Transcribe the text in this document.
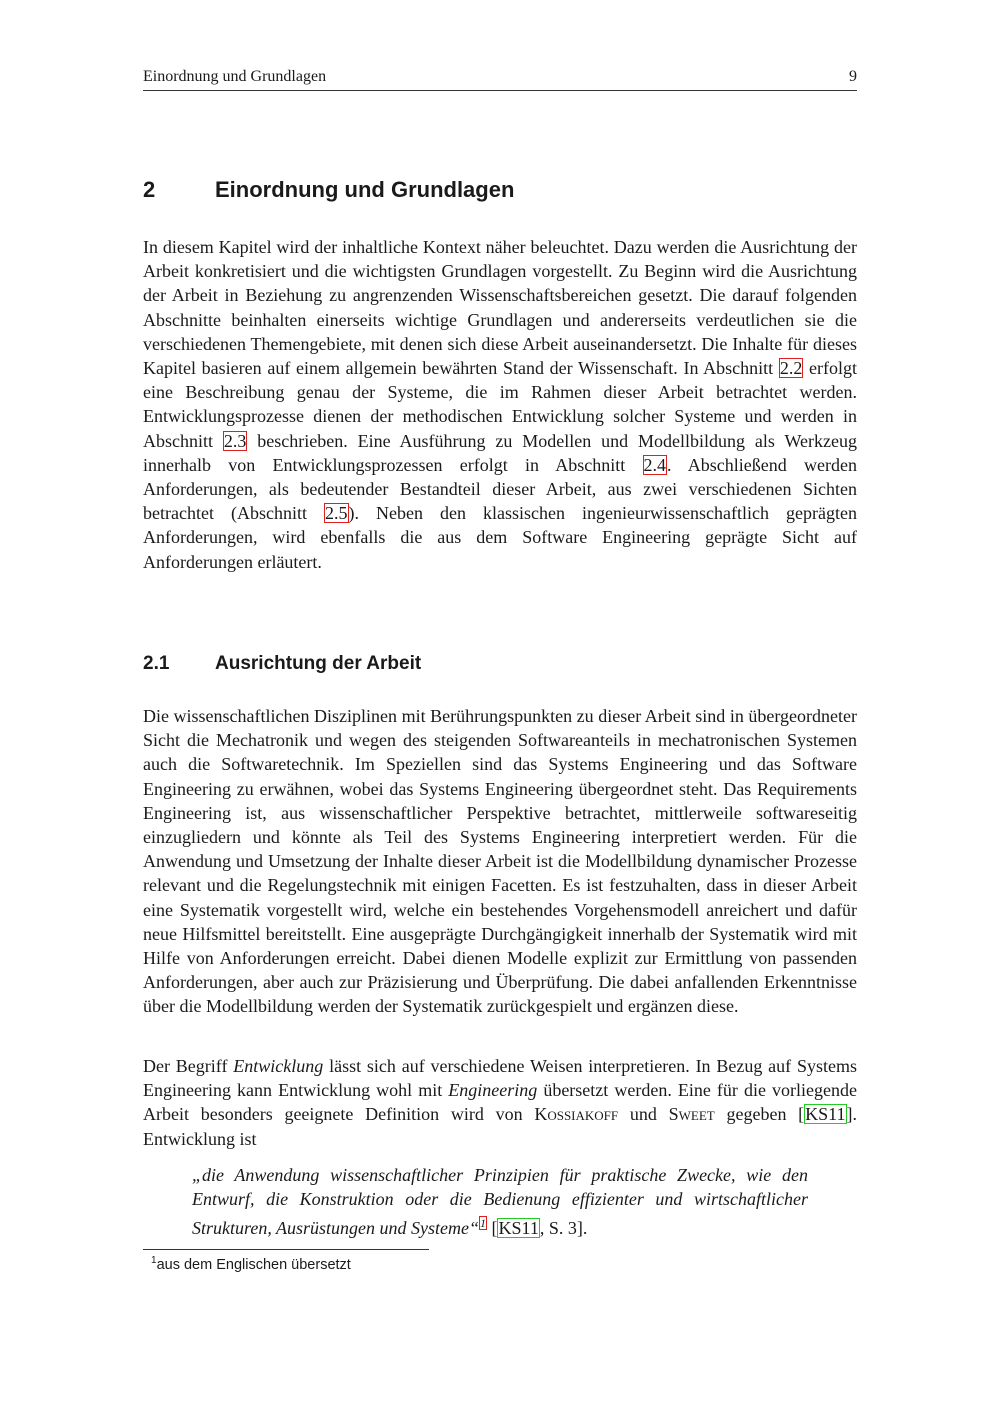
Einordnung und Grundlagen	9
2	Einordnung und Grundlagen

In diesem Kapitel wird der inhaltliche Kontext näher beleuchtet. Dazu werden die Ausrichtung der Arbeit konkretisiert und die wichtigsten Grundlagen vorgestellt. Zu Beginn wird die Ausrichtung der Arbeit in Beziehung zu angrenzenden Wissenschaftsbereichen gesetzt. Die darauf folgenden Abschnitte beinhalten einerseits wichtige Grundlagen und andererseits verdeutlichen sie die verschiedenen Themengebiete, mit denen sich diese Arbeit auseinandersetzt. Die Inhalte für dieses Kapitel basieren auf einem allgemein bewährten Stand der Wissenschaft. In Abschnitt 2.2 erfolgt eine Beschreibung genau der Systeme, die im Rahmen dieser Arbeit betrachtet werden. Entwicklungsprozesse dienen der methodischen Entwicklung solcher Systeme und werden in Abschnitt 2.3 beschrieben. Eine Ausführung zu Modellen und Modellbildung als Werkzeug innerhalb von Entwicklungsprozessen erfolgt in Abschnitt 2.4. Abschließend werden Anforderungen, als bedeutender Bestandteil dieser Arbeit, aus zwei verschiedenen Sichten betrachtet (Abschnitt 2.5). Neben den klassischen ingenieurwissenschaftlich geprägten Anforderungen, wird ebenfalls die aus dem Software Engineering geprägte Sicht auf Anforderungen erläutert.

2.1 Ausrichtung der Arbeit

Die wissenschaftlichen Disziplinen mit Berührungspunkten zu dieser Arbeit sind in übergeordneter Sicht die Mechatronik und wegen des steigenden Softwareanteils in mechatronischen Systemen auch die Softwaretechnik. Im Speziellen sind das Systems Engineering und das Software Engineering zu erwähnen, wobei das Systems Engineering übergeordnet steht. Das Requirements Engineering ist, aus wissenschaftlicher Perspektive betrachtet, mittlerweile softwareseitig einzugliedern und könnte als Teil des Systems Engineering interpretiert werden. Für die Anwendung und Umsetzung der Inhalte dieser Arbeit ist die Modellbildung dynamischer Prozesse relevant und die Regelungstechnik mit einigen Facetten. Es ist festzuhalten, dass in dieser Arbeit eine Systematik vorgestellt wird, welche ein bestehendes Vorgehensmodell anreichert und dafür neue Hilfsmittel bereitstellt. Eine ausgeprägte Durchgängigkeit innerhalb der Systematik wird mit Hilfe von Anforderungen erreicht. Dabei dienen Modelle explizit zur Ermittlung von passenden Anforderungen, aber auch zur Präzisierung und Überprüfung. Die dabei anfallenden Erkenntnisse über die Modellbildung werden der Systematik zurückgespielt und ergänzen diese.

Der Begriff Entwicklung lässt sich auf verschiedene Weisen interpretieren. In Bezug auf Systems Engineering kann Entwicklung wohl mit Engineering übersetzt werden. Eine für die vorliegende Arbeit besonders geeignete Definition wird von Kossiakoff und Sweet gegeben [KS11]. Entwicklung ist

„die Anwendung wissenschaftlicher Prinzipien für praktische Zwecke, wie den Entwurf, die Konstruktion oder die Bedienung effizienter und wirtschaftlicher Strukturen, Ausrüstungen und Systeme“$^1$ [KS11, S. 3].

$^1$aus dem Englischen übersetzt
